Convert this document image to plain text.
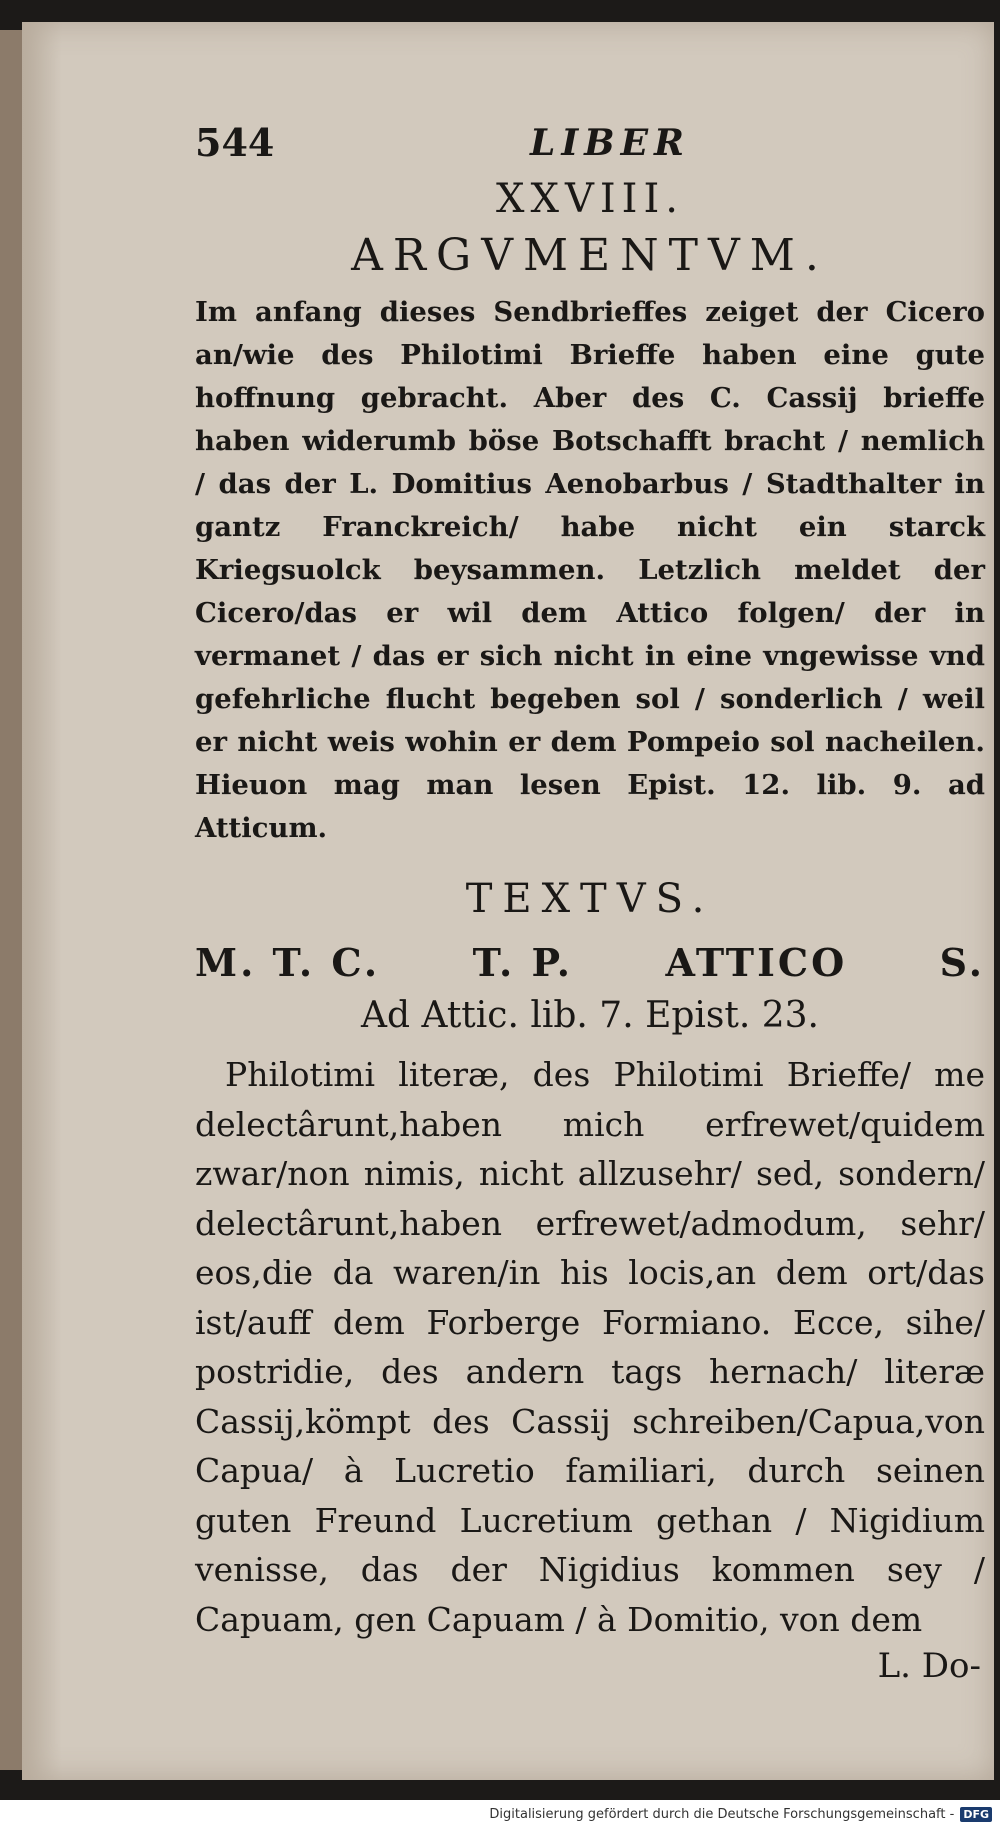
544	LIBER
XXVIII.
ARGVMENTVM.
Im anfang dieses Sendbrieffes zeiget der Cicero an/wie des Philotimi Brieffe haben eine gute hoffnung gebracht. Aber des C. Cassij brieffe haben widerumb böse Botschafft bracht / nemlich / das der L. Domitius Aenobarbus / Stadthalter in gantz Franckreich/ habe nicht ein starck Kriegsuolck beysammen. Letzlich meldet der Cicero/das er wil dem Attico folgen/ der in vermanet / das er sich nicht in eine vngewisse vnd gefehrliche flucht begeben sol / sonderlich / weil er nicht weis wohin er dem Pompeio sol nacheilen. Hieuon mag man lesen Epist. 12. lib. 9. ad Atticum.
TEXTVS.
M. T. C. T. P. ATTICO S.
Ad Attic. lib. 7. Epist. 23.
Philotimi literæ, des Philotimi Brieffe/ me delectârunt,haben mich erfrewet/quidem zwar/non nimis, nicht allzusehr/ sed, sondern/ delectârunt,haben erfrewet/admodum, sehr/ eos,die da waren/in his locis,an dem ort/das ist/auff dem Forberge Formiano. Ecce, sihe/ postridie, des andern tags hernach/ literæ Cassij,kömpt des Cassij schreiben/Capua,von Capua/ à Lucretio familiari, durch seinen guten Freund Lucretium gethan / Nigidium venisse, das der Nigidius kommen sey / Capuam, gen Capuam / à Domitio, von dem
L. Do-
Digitalisierung gefördert durch die Deutsche Forschungsgemeinschaft - DFG
